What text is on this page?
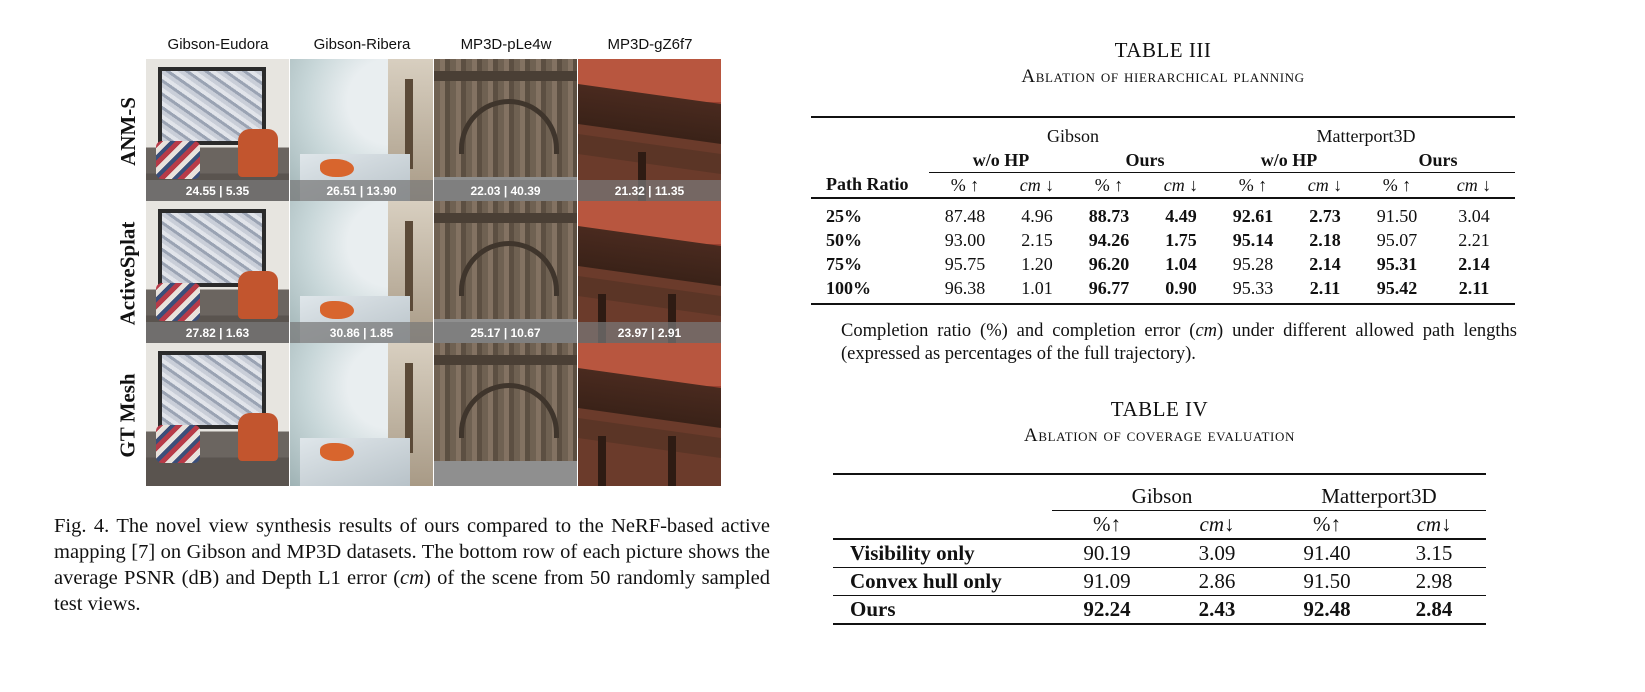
Gibson-Eudora	Gibson-Ribera	MP3D-pLe4w	MP3D-gZ6f7
ANM-S
ActiveSplat
GT Mesh
24.55 | 5.35	26.51 | 13.90	22.03 | 40.39	21.32 | 11.35
27.82 | 1.63	30.86 | 1.85	25.17 | 10.67	23.97 | 2.91
Fig. 4. The novel view synthesis results of ours compared to the NeRF-based active mapping [7] on Gibson and MP3D datasets. The bottom row of each picture shows the average PSNR (dB) and Depth L1 error (cm) of the scene from 50 randomly sampled test views.
TABLE III
Ablation of hierarchical planning
	Gibson				Matterport3D			
	w/o HP		Ours		w/o HP		Ours	
Path Ratio	% ↑	cm ↓	% ↑	cm ↓	% ↑	cm ↓	% ↑	cm ↓
25%	87.48	4.96	88.73	4.49	92.61	2.73	91.50	3.04
50%	93.00	2.15	94.26	1.75	95.14	2.18	95.07	2.21
75%	95.75	1.20	96.20	1.04	95.28	2.14	95.31	2.14
100%	96.38	1.01	96.77	0.90	95.33	2.11	95.42	2.11
Completion ratio (%) and completion error (cm) under different allowed path lengths (expressed as percentages of the full trajectory).
TABLE IV
Ablation of coverage evaluation
	Gibson		Matterport3D	
	%↑	cm↓	%↑	cm↓
Visibility only	90.19	3.09	91.40	3.15
Convex hull only	91.09	2.86	91.50	2.98
Ours	92.24	2.43	92.48	2.84
